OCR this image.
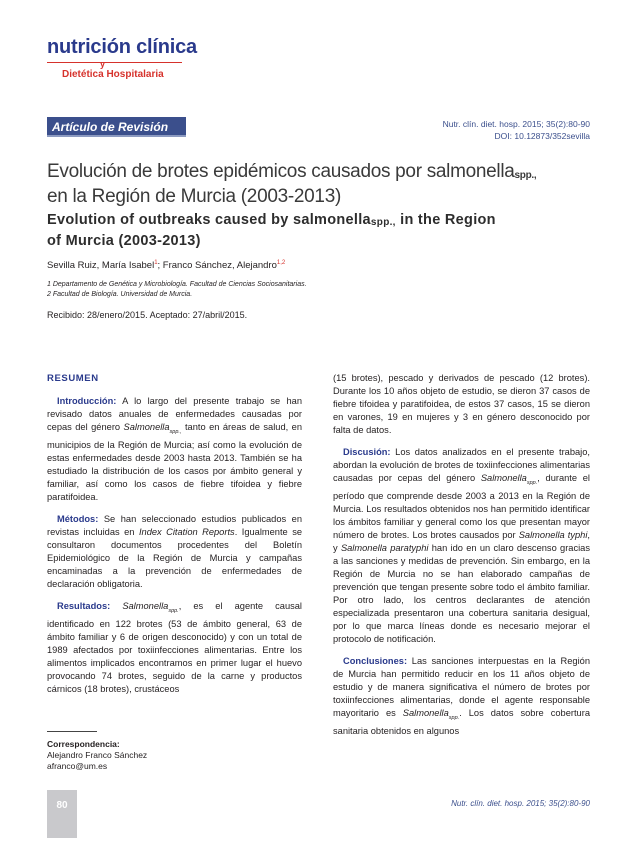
nutrición clínica
y
Dietética Hospitalaria
Artículo de Revisión	Nutr. clín. diet. hosp. 2015; 35(2):80-90
DOI: 10.12873/352sevilla
Evolución de brotes epidémicos causados por salmonella$_{spp.,}$
en la Región de Murcia (2003-2013)
Evolution of outbreaks caused by salmonella$_{spp.,}$ in the Region of Murcia (2003-2013)
Sevilla Ruiz, María Isabel$^1$; Franco Sánchez, Alejandro$^{1,2}$
1 Departamento de Genética y Microbiología. Facultad de Ciencias Sociosanitarias.
2 Facultad de Biología. Universidad de Murcia.
Recibido: 28/enero/2015. Aceptado: 27/abril/2015.
RESUMEN

Introducción: A lo largo del presente trabajo se han revisado datos anuales de enfermedades causadas por cepas del género Salmonella$_{spp.,}$ tanto en áreas de salud, en municipios de la Región de Murcia; así como la evolución de estas enfermedades desde 2003 hasta 2013. También se ha estudiado la distribución de los casos por ámbito general y familiar, así como los casos de fiebre tifoidea y fiebre paratifoidea.

Métodos: Se han seleccionado estudios publicados en revistas incluidas en Index Citation Reports. Igualmente se consultaron documentos procedentes del Boletín Epidemiológico de la Región de Murcia y campañas encaminadas a la prevención de enfermedades de declaración obligatoria.

Resultados: Salmonella$_{spp.}$, es el agente causal identificado en 122 brotes (53 de ámbito general, 63 de ámbito familiar y 6 de origen desconocido) y con un total de 1989 afectados por toxiinfecciones alimentarias. Entre los alimentos implicados encontramos en primer lugar el huevo provocando 74 brotes, seguido de la carne y productos cárnicos (18 brotes), crustáceos

(15 brotes), pescado y derivados de pescado (12 brotes). Durante los 10 años objeto de estudio, se dieron 37 casos de fiebre tifoidea y paratifoidea, de estos 37 casos, 15 se dieron en varones, 19 en mujeres y 3 en género desconocido por falta de datos.

Discusión: Los datos analizados en el presente trabajo, abordan la evolución de brotes de toxiinfecciones alimentarias causadas por cepas del género Salmonella$_{spp.}$, durante el período que comprende desde 2003 a 2013 en la Región de Murcia. Los resultados obtenidos nos han permitido identificar los ámbitos familiar y general como los que presentan mayor número de brotes. Los brotes causados por Salmonella typhi, y Salmonella paratyphi han ido en un claro descenso gracias a las sanciones y medidas de prevención. Sin embargo, en la Región de Murcia no se han elaborado campañas de prevención que tengan presente sobre todo el ámbito familiar. Por otro lado, los centros declarantes de atención especializada presentaron una cobertura sanitaria desigual, por lo que marca líneas donde es necesario mejorar el protocolo de notificación.

Conclusiones: Las sanciones interpuestas en la Región de Murcia han permitido reducir en los 11 años objeto de estudio y de manera significativa el número de brotes por toxiinfecciones alimentarias, donde el agente responsable mayoritario es Salmonella$_{spp.}$. Los datos sobre cobertura sanitaria obtenidos en algunos

Correspondencia:
Alejandro Franco Sánchez
afranco@um.es
80	Nutr. clín. diet. hosp. 2015; 35(2):80-90
